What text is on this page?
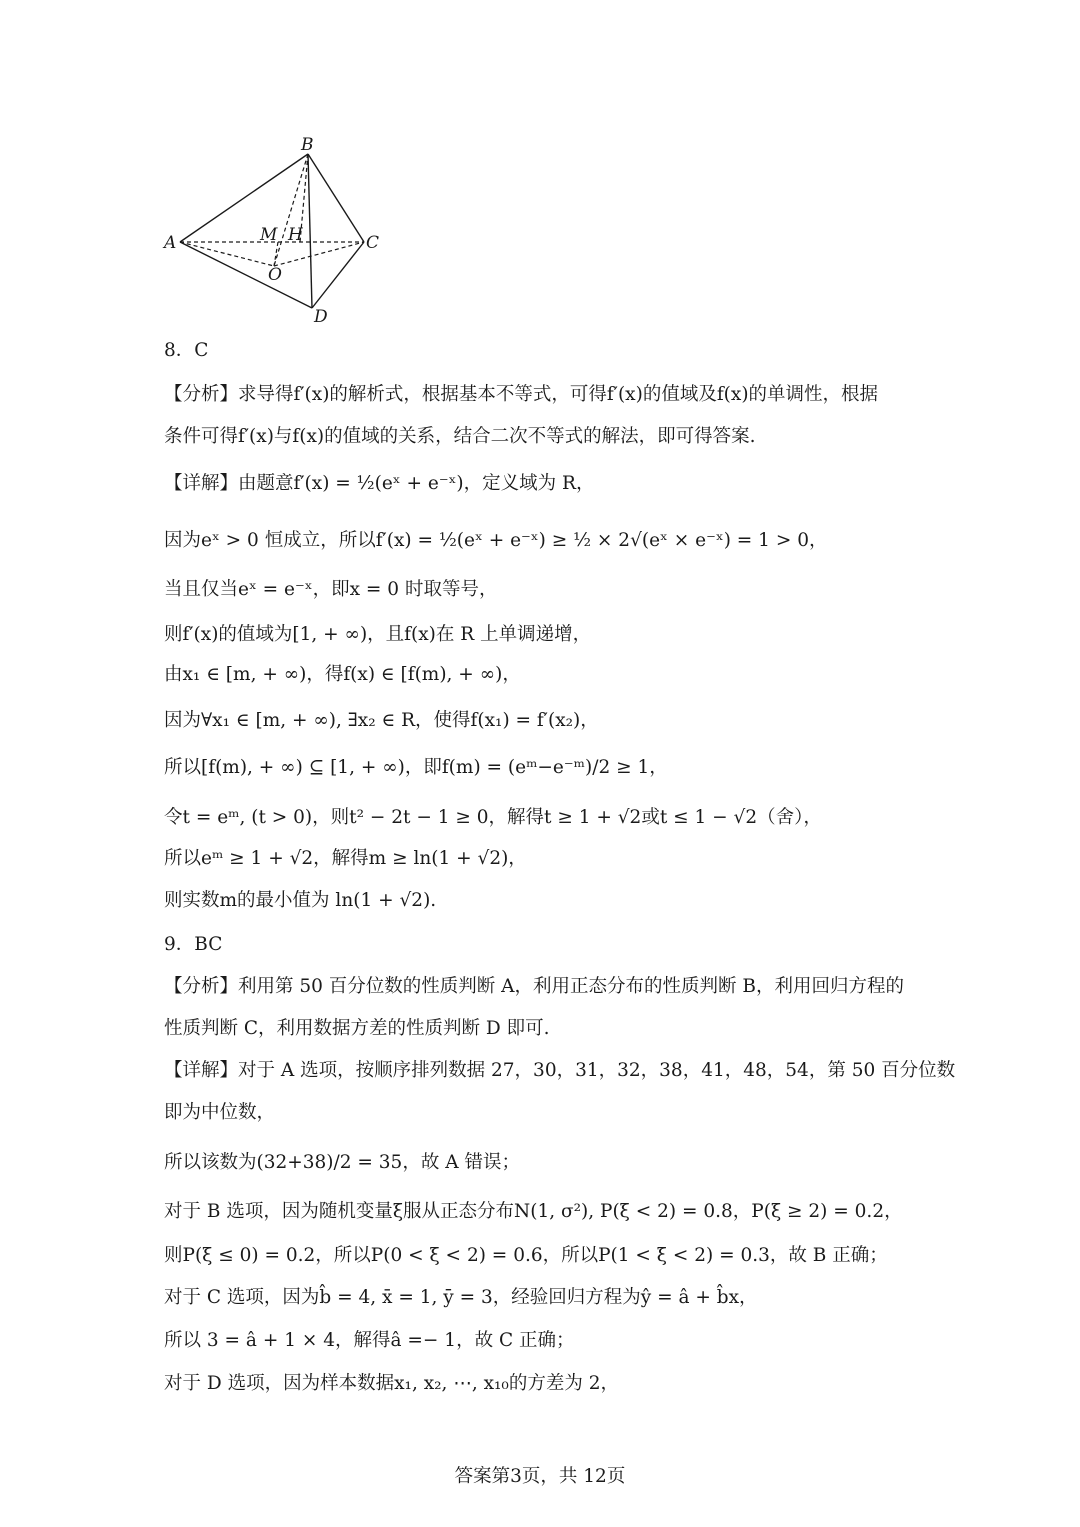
B
A	C
D
M H
O
8．C
【分析】求导得f′(x)的解析式，根据基本不等式，可得f′(x)的值域及f(x)的单调性，根据
条件可得f′(x)与f(x)的值域的关系，结合二次不等式的解法，即可得答案.
【详解】由题意f′(x) = ½(eˣ + e⁻ˣ)，定义域为 R，
因为eˣ > 0 恒成立，所以f′(x) = ½(eˣ + e⁻ˣ) ≥ ½ × 2√(eˣ × e⁻ˣ) = 1 > 0，
当且仅当eˣ = e⁻ˣ，即x = 0 时取等号，
则f′(x)的值域为[1, + ∞)，且f(x)在 R 上单调递增，
由x₁ ∈ [m, + ∞)，得f(x) ∈ [f(m), + ∞)，
因为∀x₁ ∈ [m, + ∞), ∃x₂ ∈ R，使得f(x₁) = f′(x₂)，
所以[f(m), + ∞) ⊆ [1, + ∞)，即f(m) = (eᵐ−e⁻ᵐ)/2 ≥ 1，
令t = eᵐ, (t > 0)，则t² − 2t − 1 ≥ 0，解得t ≥ 1 + √2或t ≤ 1 − √2（舍），
所以eᵐ ≥ 1 + √2，解得m ≥ ln(1 + √2)，
则实数m的最小值为 ln(1 + √2).
9．BC
【分析】利用第 50 百分位数的性质判断 A，利用正态分布的性质判断 B，利用回归方程的
性质判断 C，利用数据方差的性质判断 D 即可.
【详解】对于 A 选项，按顺序排列数据 27，30，31，32，38，41，48，54，第 50 百分位数
即为中位数，
所以该数为(32+38)/2 = 35，故 A 错误；
对于 B 选项，因为随机变量ξ服从正态分布N(1, σ²), P(ξ < 2) = 0.8，P(ξ ≥ 2) = 0.2，
则P(ξ ≤ 0) = 0.2，所以P(0 < ξ < 2) = 0.6，所以P(1 < ξ < 2) = 0.3，故 B 正确；
对于 C 选项，因为b̂ = 4, x̄ = 1, ȳ = 3，经验回归方程为ŷ = â + b̂x，
所以 3 = â + 1 × 4，解得â =− 1，故 C 正确；
对于 D 选项，因为样本数据x₁, x₂, ⋯, x₁₀的方差为 2，
答案第3页，共 12页
